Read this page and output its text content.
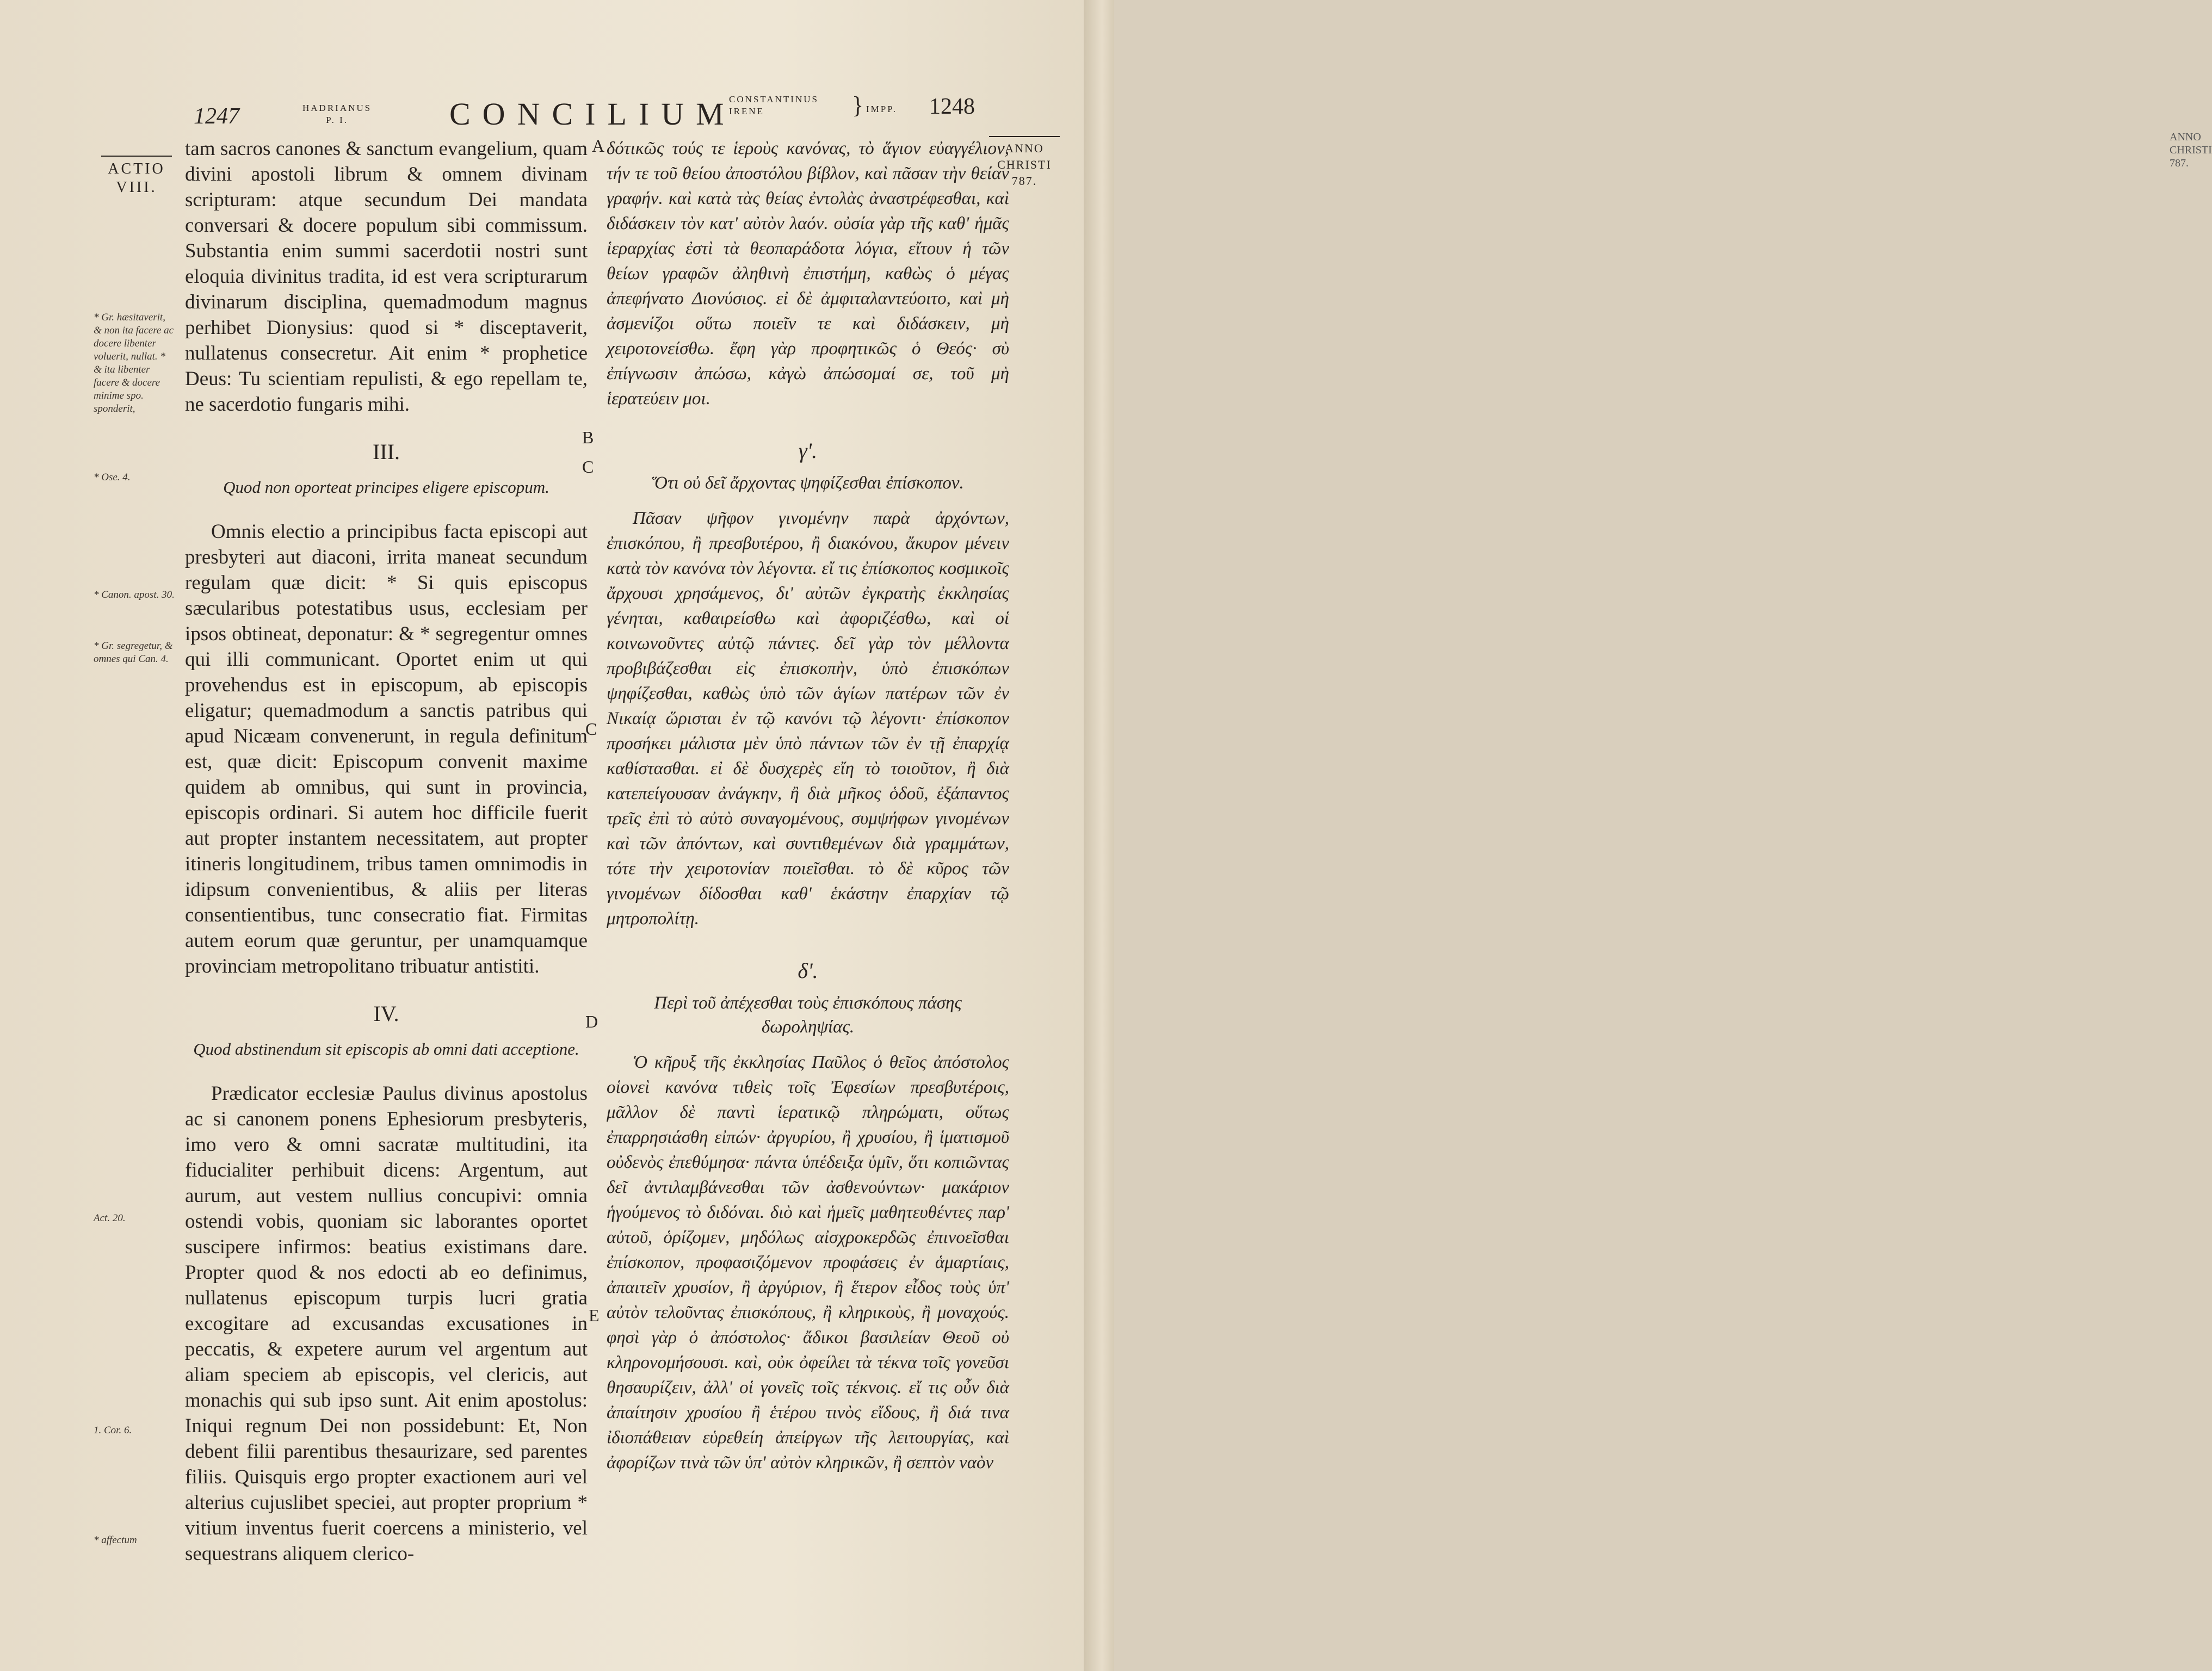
1247	HADRIANUS
P. I.	CONCILIUM
CONSTANTINUS
IRENE	} IMPP. 1248
ACTIO
VIII.
* Gr. hæsitaverit, & non ita facere ac docere libenter voluerit, nullat. * & ita libenter facere & docere minime spo. sponderit,
* Ose. 4.
* Canon. apost. 30.
* Gr. segregetur, & omnes qui Can. 4.
Act. 20.
1. Cor. 6.
* affectum
ANNO
CHRISTI
787.
A
B
C
C
D
E

tam sacros canones & sanctum evangelium, quam divini apostoli librum & omnem divinam scripturam: atque secundum Dei mandata conversari & docere populum sibi commissum. Substantia enim summi sacerdotii nostri sunt eloquia divinitus tradita, id est vera scripturarum divinarum disciplina, quemadmodum magnus perhibet Dionysius: quod si * disceptaverit, nullatenus consecretur. Ait enim * prophetice Deus: Tu scientiam repulisti, & ego repellam te, ne sacerdotio fungaris mihi.

III.
Quod non oporteat principes eligere episcopum.

Omnis electio a principibus facta episcopi aut presbyteri aut diaconi, irrita maneat secundum regulam quæ dicit: * Si quis episcopus sæcularibus potestatibus usus, ecclesiam per ipsos obtineat, deponatur: & * segregentur omnes qui illi communicant. Oportet enim ut qui provehendus est in episcopum, ab episcopis eligatur; quemadmodum a sanctis patribus qui apud Nicæam convenerunt, in regula definitum est, quæ dicit: Episcopum convenit maxime quidem ab omnibus, qui sunt in provincia, episcopis ordinari. Si autem hoc difficile fuerit aut propter instantem necessitatem, aut propter itineris longitudinem, tribus tamen omnimodis in idipsum convenientibus, & aliis per literas consentientibus, tunc consecratio fiat. Firmitas autem eorum quæ geruntur, per unamquamque provinciam metropolitano tribuatur antistiti.

IV.
Quod abstinendum sit episcopis ab omni dati acceptione.

Prædicator ecclesiæ Paulus divinus apostolus ac si canonem ponens Ephesiorum presbyteris, imo vero & omni sacratæ multitudini, ita fiducialiter perhibuit dicens: Argentum, aut aurum, aut vestem nullius concupivi: omnia ostendi vobis, quoniam sic laborantes oportet suscipere infirmos: beatius existimans dare. Propter quod & nos edocti ab eo definimus, nullatenus episcopum turpis lucri gratia excogitare ad excusandas excusationes in peccatis, & expetere aurum vel argentum aut aliam speciem ab episcopis, vel clericis, aut monachis qui sub ipso sunt. Ait enim apostolus: Iniqui regnum Dei non possidebunt: Et, Non debent filii parentibus thesaurizare, sed parentes filiis. Quisquis ergo propter exactionem auri vel alterius cujuslibet speciei, aut propter proprium * vitium inventus fuerit coercens a ministerio, vel sequestrans aliquem clerico-

δότικῶς τούς τε ἱεροὺς κανόνας, τὸ ἅγιον εὐαγγέλιον, τήν τε τοῦ θείου ἀποστόλου βίβλον, καὶ πᾶσαν τὴν θείαν γραφήν. καὶ κατὰ τὰς θείας ἐντολὰς ἀναστρέφεσθαι, καὶ διδάσκειν τὸν κατ' αὐτὸν λαόν. οὐσία γὰρ τῆς καθ' ἡμᾶς ἱεραρχίας ἐστὶ τὰ θεοπαράδοτα λόγια, εἴτουν ἡ τῶν θείων γραφῶν ἀληθινὴ ἐπιστήμη, καθὼς ὁ μέγας ἀπεφήνατο Διονύσιος. εἰ δὲ ἀμφιταλαντεύοιτο, καὶ μὴ ἀσμενίζοι οὕτω ποιεῖν τε καὶ διδάσκειν, μὴ χειροτονείσθω. ἔφη γὰρ προφητικῶς ὁ Θεός· σὺ ἐπίγνωσιν ἀπώσω, κἀγὼ ἀπώσομαί σε, τοῦ μὴ ἱερατεύειν μοι.

γʹ.
Ὅτι οὐ δεῖ ἄρχοντας ψηφίζεσθαι ἐπίσκοπον.

Πᾶσαν ψῆφον γινομένην παρὰ ἀρχόντων, ἐπισκόπου, ἢ πρεσβυτέρου, ἢ διακόνου, ἄκυρον μένειν κατὰ τὸν κανόνα τὸν λέγοντα. εἴ τις ἐπίσκοπος κοσμικοῖς ἄρχουσι χρησάμενος, δι' αὐτῶν ἐγκρατὴς ἐκκλησίας γένηται, καθαιρείσθω καὶ ἀφοριζέσθω, καὶ οἱ κοινωνοῦντες αὐτῷ πάντες. δεῖ γὰρ τὸν μέλλοντα προβιβάζεσθαι εἰς ἐπισκοπὴν, ὑπὸ ἐπισκόπων ψηφίζεσθαι, καθὼς ὑπὸ τῶν ἁγίων πατέρων τῶν ἐν Νικαίᾳ ὥρισται ἐν τῷ κανόνι τῷ λέγοντι· ἐπίσκοπον προσήκει μάλιστα μὲν ὑπὸ πάντων τῶν ἐν τῇ ἐπαρχίᾳ καθίστασθαι. εἰ δὲ δυσχερὲς εἴη τὸ τοιοῦτον, ἢ διὰ κατεπείγουσαν ἀνάγκην, ἢ διὰ μῆκος ὁδοῦ, ἐξάπαντος τρεῖς ἐπὶ τὸ αὐτὸ συναγομένους, συμψήφων γινομένων καὶ τῶν ἀπόντων, καὶ συντιθεμένων διὰ γραμμάτων, τότε τὴν χειροτονίαν ποιεῖσθαι. τὸ δὲ κῦρος τῶν γινομένων δίδοσθαι καθ' ἑκάστην ἐπαρχίαν τῷ μητροπολίτῃ.

δʹ.
Περὶ τοῦ ἀπέχεσθαι τοὺς ἐπισκόπους πάσης δωροληψίας.

Ὁ κῆρυξ τῆς ἐκκλησίας Παῦλος ὁ θεῖος ἀπόστολος οἱονεὶ κανόνα τιθεὶς τοῖς Ἐφεσίων πρεσβυτέροις, μᾶλλον δὲ παντὶ ἱερατικῷ πληρώματι, οὕτως ἐπαρρησιάσθη εἰπών· ἀργυρίου, ἢ χρυσίου, ἢ ἱματισμοῦ οὐδενὸς ἐπεθύμησα· πάντα ὑπέδειξα ὑμῖν, ὅτι κοπιῶντας δεῖ ἀντιλαμβάνεσθαι τῶν ἀσθενούντων· μακάριον ἡγούμενος τὸ διδόναι. διὸ καὶ ἡμεῖς μαθητευθέντες παρ' αὐτοῦ, ὁρίζομεν, μηδόλως αἰσχροκερδῶς ἐπινοεῖσθαι ἐπίσκοπον, προφασιζόμενον προφάσεις ἐν ἁμαρτίαις, ἀπαιτεῖν χρυσίον, ἢ ἀργύριον, ἢ ἕτερον εἶδος τοὺς ὑπ' αὐτὸν τελοῦντας ἐπισκόπους, ἢ κληρικοὺς, ἢ μοναχούς. φησὶ γὰρ ὁ ἀπόστολος· ἄδικοι βασιλείαν Θεοῦ οὐ κληρονομήσουσι. καὶ, οὐκ ὀφείλει τὰ τέκνα τοῖς γονεῦσι θησαυρίζειν, ἀλλ' οἱ γονεῖς τοῖς τέκνοις. εἴ τις οὖν διὰ ἀπαίτησιν χρυσίου ἢ ἑτέρου τινὸς εἴδους, ἢ διά τινα ἰδιοπάθειαν εὑρεθείη ἀπείργων τῆς λειτουργίας, καὶ ἀφορίζων τινὰ τῶν ὑπ' αὐτὸν κληρικῶν, ἢ σεπτὸν ναὸν

ANNO CHRISTI 787.
